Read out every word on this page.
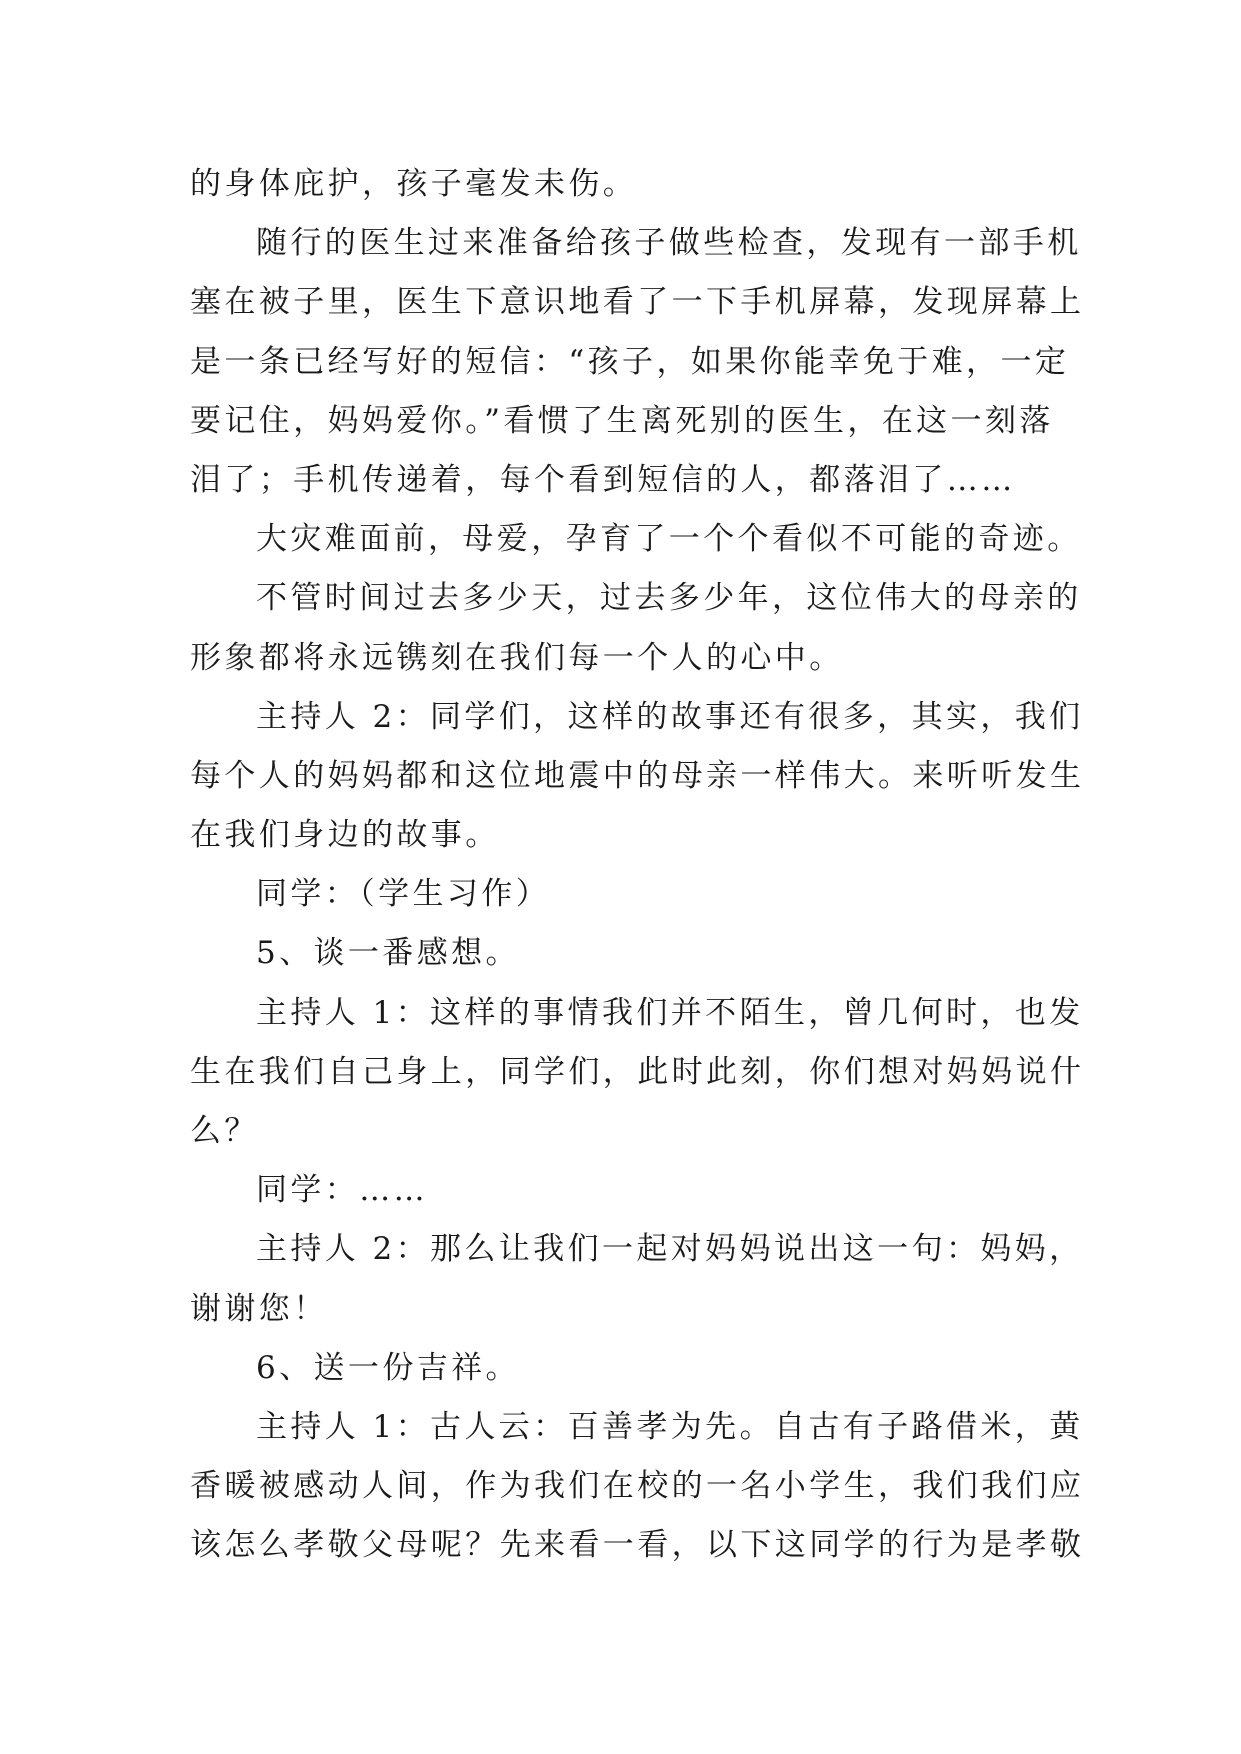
的身体庇护，孩子毫发未伤。
随行的医生过来准备给孩子做些检查，发现有一部手机
塞在被子里，医生下意识地看了一下手机屏幕，发现屏幕上
是一条已经写好的短信：“孩子，如果你能幸免于难，一定
要记住，妈妈爱你。”看惯了生离死别的医生，在这一刻落
泪了；手机传递着，每个看到短信的人，都落泪了……
大灾难面前，母爱，孕育了一个个看似不可能的奇迹。
不管时间过去多少天，过去多少年，这位伟大的母亲的
形象都将永远镌刻在我们每一个人的心中。
主持人 2：同学们，这样的故事还有很多，其实，我们
每个人的妈妈都和这位地震中的母亲一样伟大。来听听发生
在我们身边的故事。
同学：（学生习作）
5、谈一番感想。
主持人 1：这样的事情我们并不陌生，曾几何时，也发
生在我们自己身上，同学们，此时此刻，你们想对妈妈说什
么？
同学：……
主持人 2：那么让我们一起对妈妈说出这一句：妈妈，
谢谢您！
6、送一份吉祥。
主持人 1：古人云：百善孝为先。自古有子路借米，黄
香暖被感动人间，作为我们在校的一名小学生，我们我们应
该怎么孝敬父母呢？先来看一看，以下这同学的行为是孝敬
